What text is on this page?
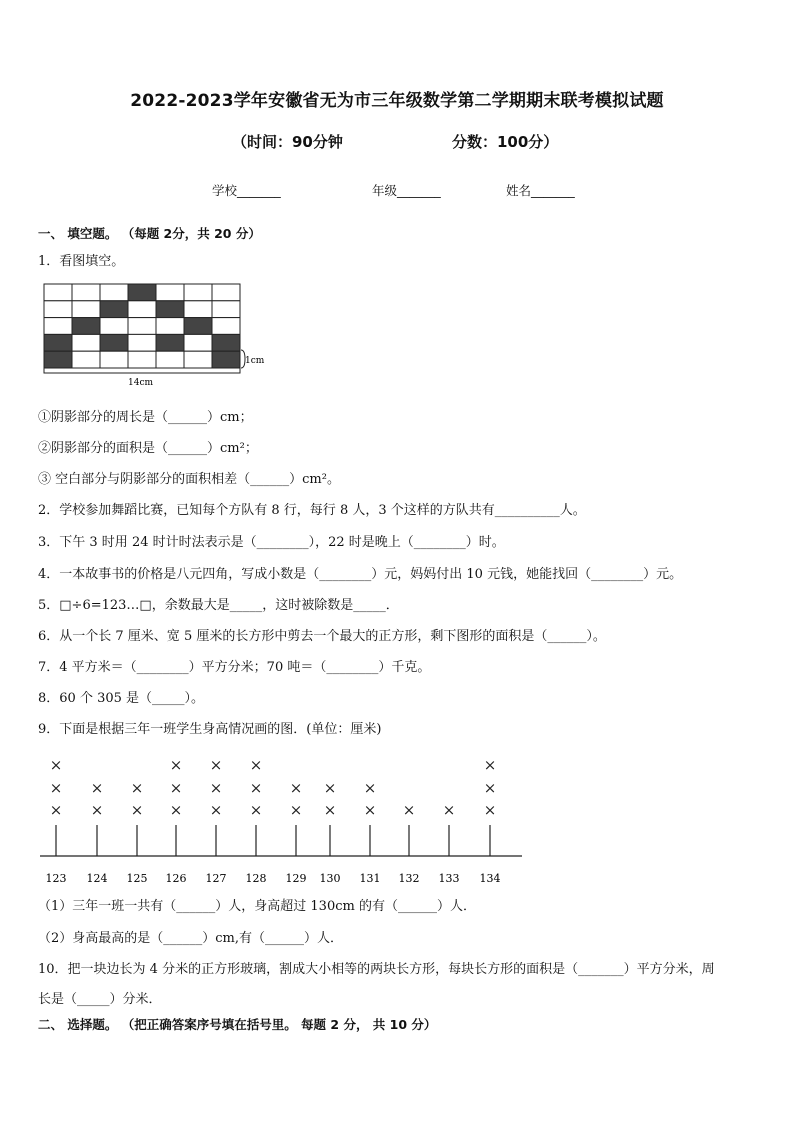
2022-2023学年安徽省无为市三年级数学第二学期期末联考模拟试题
（时间：90分钟	分数：100分）
学校_______	年级_______	姓名_______
一、 填空题。 （每题 2分，共 20 分）
1．看图填空。
14cm
1cm
①阴影部分的周长是（______）cm；
②阴影部分的面积是（______）cm²；
③ 空白部分与阴影部分的面积相差（______）cm²。
2．学校参加舞蹈比赛，已知每个方队有 8 行，每行 8 人，3 个这样的方队共有__________人。
3．下午 3 时用 24 时计时法表示是（________），22 时是晚上（________）时。
4．一本故事书的价格是八元四角，写成小数是（________）元，妈妈付出 10 元钱，她能找回（________）元。
5．□÷6=123…□，余数最大是_____，这时被除数是_____．
6．从一个长 7 厘米、宽 5 厘米的长方形中剪去一个最大的正方形，剩下图形的面积是（______）。
7．4 平方米＝（________）平方分米；70 吨＝（________）千克。
8．60 个 305 是（_____）。
9．下面是根据三年一班学生身高情况画的图．(单位：厘米)
123
×
×
×
124
×
×
125
×
×
126
×
×
×
127
×
×
×
128
×
×
×
129
×
×
130
×
×
131
×
×
132
×
133
×
134
×
×
×
（1）三年一班一共有（______）人，身高超过 130cm 的有（______）人．
（2）身高最高的是（______）cm,有（______）人．
10．把一块边长为 4 分米的正方形玻璃，割成大小相等的两块长方形，每块长方形的面积是（_______）平方分米，周
长是（_____）分米．
二、 选择题。 （把正确答案序号填在括号里。 每题 2 分， 共 10 分）
